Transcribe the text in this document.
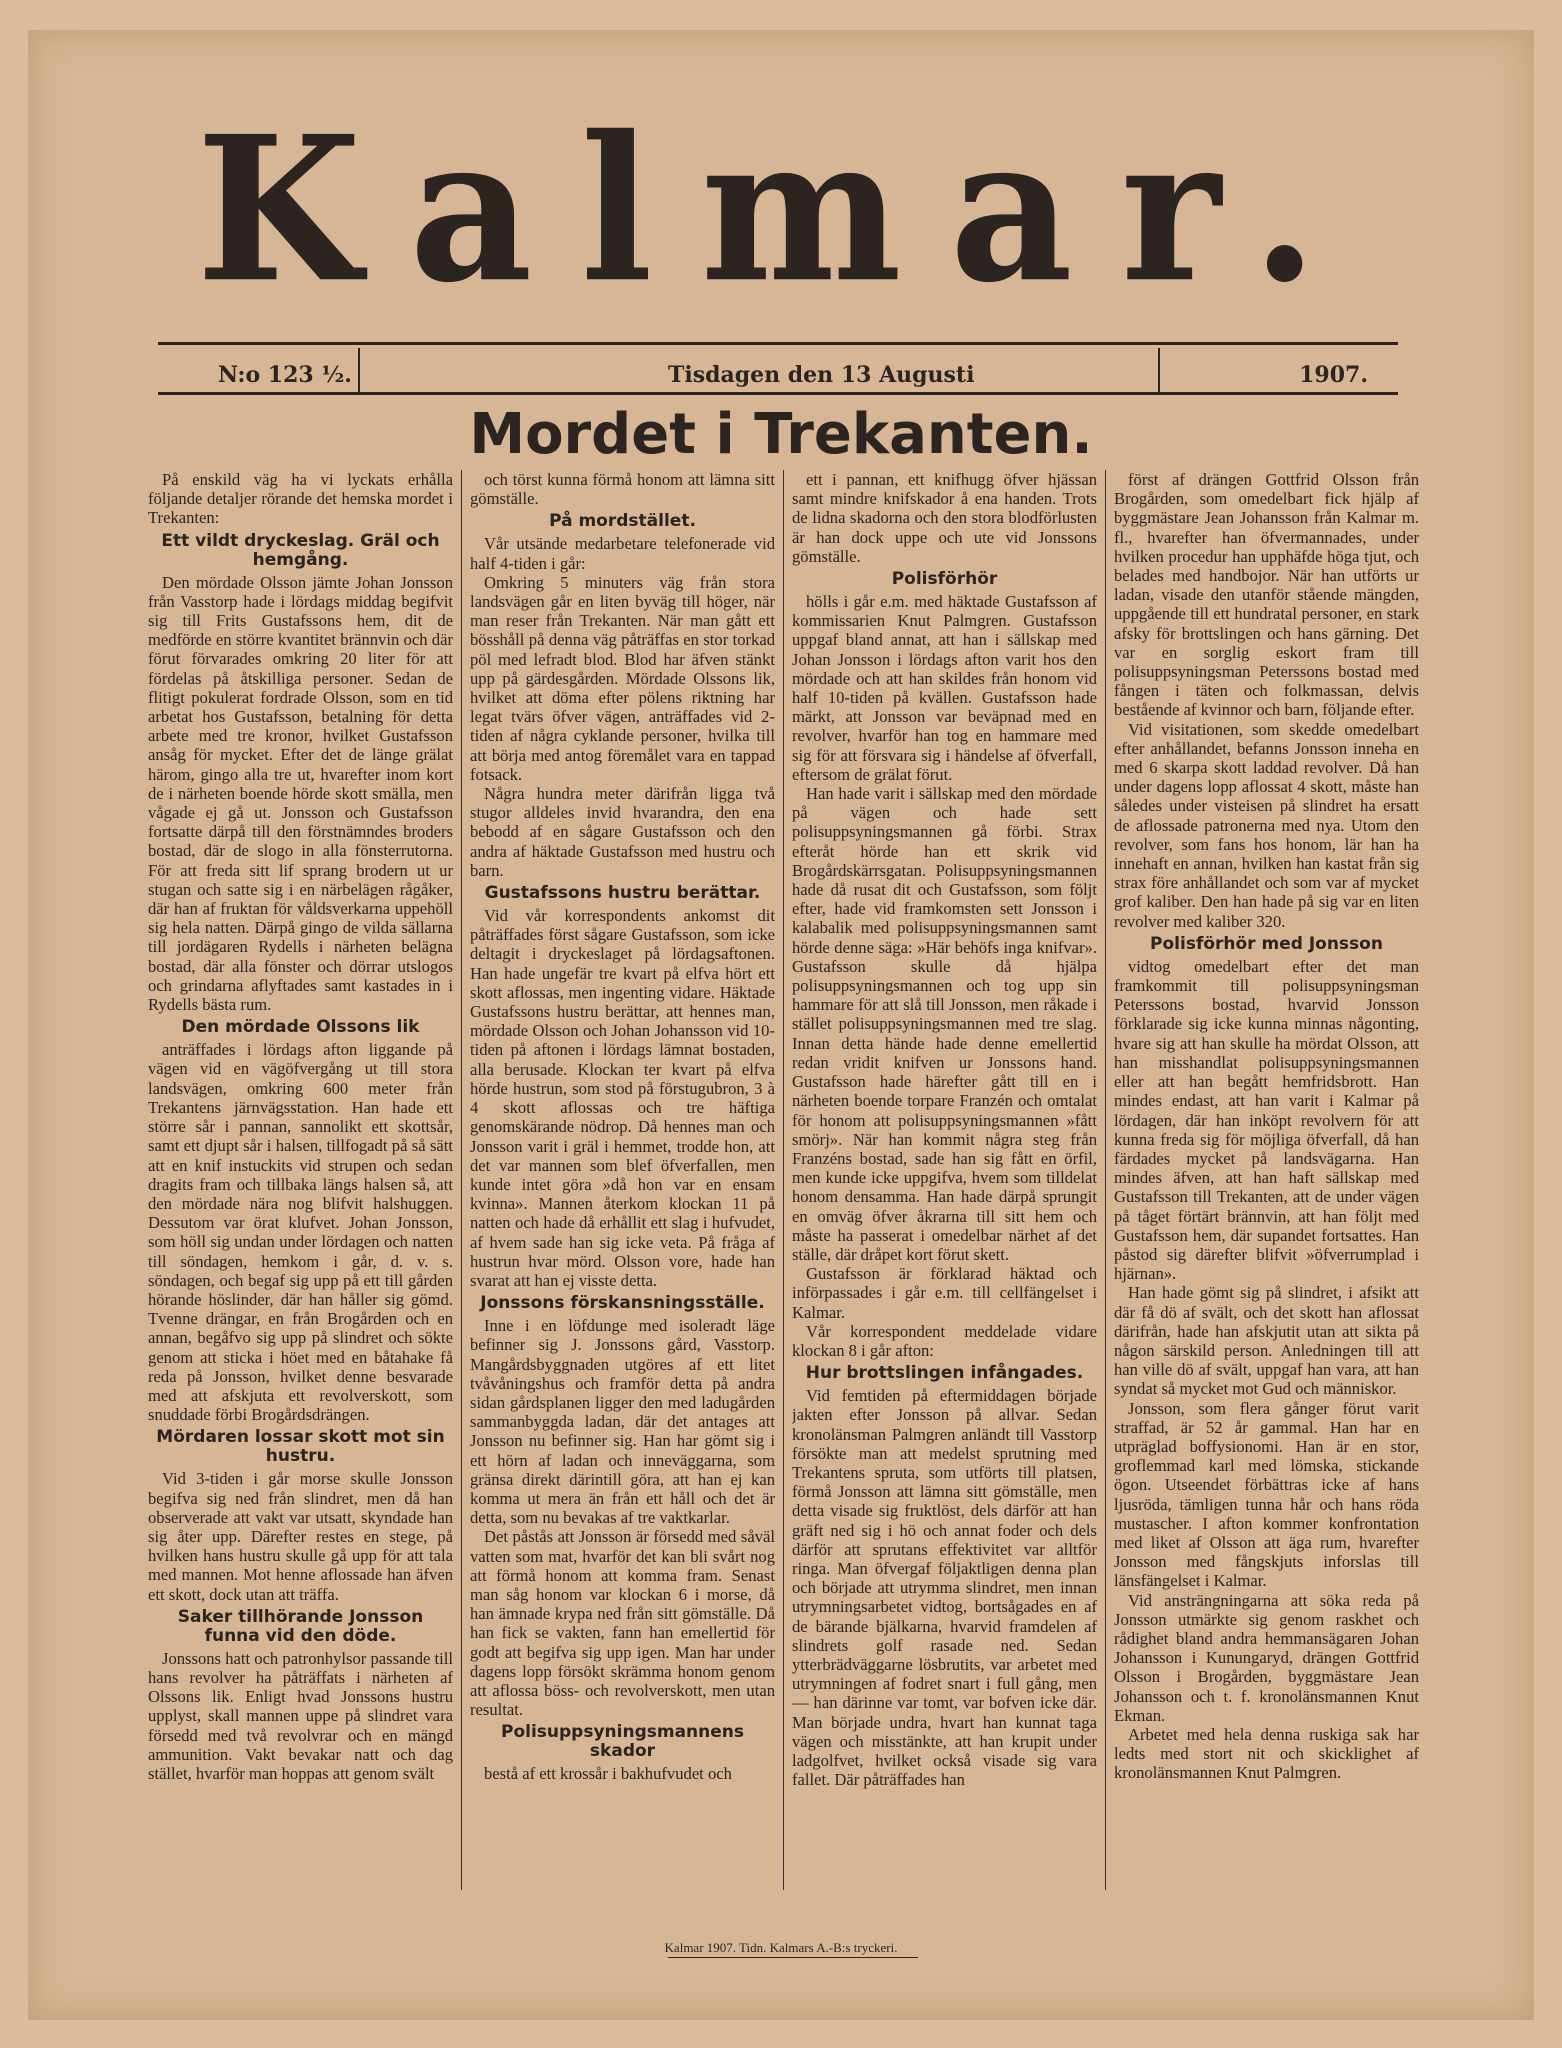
Kalmar.
N:o 123 ½.	Tisdagen den 13 Augusti	1907.
Mordet i Trekanten.

På enskild väg ha vi lyckats erhålla följande detaljer rörande det hemska mordet i Trekanten:

Ett vildt dryckeslag. Gräl och hemgång.

Den mördade Olsson jämte Johan Jonsson från Vasstorp hade i lördags middag begifvit sig till Frits Gustafssons hem, dit de medförde en större kvantitet brännvin och där förut förvarades omkring 20 liter för att fördelas på åtskilliga personer. Sedan de flitigt pokulerat fordrade Olsson, som en tid arbetat hos Gustafsson, betalning för detta arbete med tre kronor, hvilket Gustafsson ansåg för mycket. Efter det de länge grälat härom, gingo alla tre ut, hvarefter inom kort de i närheten boende hörde skott smälla, men vågade ej gå ut. Jonsson och Gustafsson fortsatte därpå till den förstnämndes broders bostad, där de slogo in alla fönsterrutorna. För att freda sitt lif sprang brodern ut ur stugan och satte sig i en närbelägen rågåker, där han af fruktan för våldsverkarna uppehöll sig hela natten. Därpå gingo de vilda sällarna till jordägaren Rydells i närheten belägna bostad, där alla fönster och dörrar utslogos och grindarna aflyftades samt kastades in i Rydells bästa rum.

Den mördade Olssons lik

anträffades i lördags afton liggande på vägen vid en vägöfvergång ut till stora landsvägen, omkring 600 meter från Trekantens järnvägsstation. Han hade ett större sår i pannan, sannolikt ett skottsår, samt ett djupt sår i halsen, tillfogadt på så sätt att en knif instuckits vid strupen och sedan dragits fram och tillbaka längs halsen så, att den mördade nära nog blifvit halshuggen. Dessutom var örat klufvet. Johan Jonsson, som höll sig undan under lördagen och natten till söndagen, hemkom i går, d. v. s. söndagen, och begaf sig upp på ett till gården hörande höslinder, där han håller sig gömd. Tvenne drängar, en från Brogården och en annan, begåfvo sig upp på slindret och sökte genom att sticka i höet med en båtahake få reda på Jonsson, hvilket denne besvarade med att afskjuta ett revolverskott, som snuddade förbi Brogårdsdrängen.

Mördaren lossar skott mot sin hustru.

Vid 3-tiden i går morse skulle Jonsson begifva sig ned från slindret, men då han observerade att vakt var utsatt, skyndade han sig åter upp. Därefter restes en stege, på hvilken hans hustru skulle gå upp för att tala med mannen. Mot henne aflossade han äfven ett skott, dock utan att träffa.

Saker tillhörande Jonsson funna vid den döde.

Jonssons hatt och patronhylsor passande till hans revolver ha påträffats i närheten af Olssons lik. Enligt hvad Jonssons hustru upplyst, skall mannen uppe på slindret vara försedd med två revolvrar och en mängd ammunition. Vakt bevakar natt och dag stället, hvarför man hoppas att genom svält

och törst kunna förmå honom att lämna sitt gömställe.

På mordstället.

Vår utsände medarbetare telefonerade vid half 4-tiden i går:

Omkring 5 minuters väg från stora landsvägen går en liten byväg till höger, när man reser från Trekanten. När man gått ett bösshåll på denna väg påträffas en stor torkad pöl med lefradt blod. Blod har äfven stänkt upp på gärdesgården. Mördade Olssons lik, hvilket att döma efter pölens riktning har legat tvärs öfver vägen, anträffades vid 2-tiden af några cyklande personer, hvilka till att börja med antog föremålet vara en tappad fotsack.

Några hundra meter därifrån ligga två stugor alldeles invid hvarandra, den ena bebodd af en sågare Gustafsson och den andra af häktade Gustafsson med hustru och barn.

Gustafssons hustru berättar.

Vid vår korrespondents ankomst dit påträffades först sågare Gustafsson, som icke deltagit i dryckeslaget på lördagsaftonen. Han hade ungefär tre kvart på elfva hört ett skott aflossas, men ingenting vidare. Häktade Gustafssons hustru berättar, att hennes man, mördade Olsson och Johan Johansson vid 10-tiden på aftonen i lördags lämnat bostaden, alla berusade. Klockan ter kvart på elfva hörde hustrun, som stod på förstugubron, 3 à 4 skott aflossas och tre häftiga genomskärande nödrop. Då hennes man och Jonsson varit i gräl i hemmet, trodde hon, att det var mannen som blef öfverfallen, men kunde intet göra »då hon var en ensam kvinna». Mannen återkom klockan 11 på natten och hade då erhållit ett slag i hufvudet, af hvem sade han sig icke veta. På fråga af hustrun hvar mörd. Olsson vore, hade han svarat att han ej visste detta.

Jonssons förskansningsställe.

Inne i en löfdunge med isoleradt läge befinner sig J. Jonssons gård, Vasstorp. Mangårdsbyggnaden utgöres af ett litet tvåvåningshus och framför detta på andra sidan gårdsplanen ligger den med ladugården sammanbyggda ladan, där det antages att Jonsson nu befinner sig. Han har gömt sig i ett hörn af ladan och inneväggarna, som gränsa direkt därintill göra, att han ej kan komma ut mera än från ett håll och det är detta, som nu bevakas af tre vaktkarlar.

Det påstås att Jonsson är försedd med såväl vatten som mat, hvarför det kan bli svårt nog att förmå honom att komma fram. Senast man såg honom var klockan 6 i morse, då han ämnade krypa ned från sitt gömställe. Då han fick se vakten, fann han emellertid för godt att begifva sig upp igen. Man har under dagens lopp försökt skrämma honom genom att aflossa böss- och revolverskott, men utan resultat.

Polisuppsyningsmannens skador

bestå af ett krossår i bakhufvudet och

ett i pannan, ett knifhugg öfver hjässan samt mindre knifskador å ena handen. Trots de lidna skadorna och den stora blodförlusten är han dock uppe och ute vid Jonssons gömställe.

Polisförhör

hölls i går e.m. med häktade Gustafsson af kommissarien Knut Palmgren. Gustafsson uppgaf bland annat, att han i sällskap med Johan Jonsson i lördags afton varit hos den mördade och att han skildes från honom vid half 10-tiden på kvällen. Gustafsson hade märkt, att Jonsson var beväpnad med en revolver, hvarför han tog en hammare med sig för att försvara sig i händelse af öfverfall, eftersom de grälat förut.

Han hade varit i sällskap med den mördade på vägen och hade sett polisuppsyningsmannen gå förbi. Strax efteråt hörde han ett skrik vid Brogårdskärrsgatan. Polisuppsyningsmannen hade då rusat dit och Gustafsson, som följt efter, hade vid framkomsten sett Jonsson i kalabalik med polisuppsyningsmannen samt hörde denne säga: »Här behöfs inga knifvar». Gustafsson skulle då hjälpa polisuppsyningsmannen och tog upp sin hammare för att slå till Jonsson, men råkade i stället polisuppsyningsmannen med tre slag. Innan detta hände hade denne emellertid redan vridit knifven ur Jonssons hand. Gustafsson hade härefter gått till en i närheten boende torpare Franzén och omtalat för honom att polisuppsyningsmannen »fått smörj». När han kommit några steg från Franzéns bostad, sade han sig fått en örfil, men kunde icke uppgifva, hvem som tilldelat honom densamma. Han hade därpå sprungit en omväg öfver åkrarna till sitt hem och måste ha passerat i omedelbar närhet af det ställe, där dråpet kort förut skett.

Gustafsson är förklarad häktad och införpassades i går e.m. till cellfängelset i Kalmar.

Vår korrespondent meddelade vidare klockan 8 i går afton:

Hur brottslingen infångades.

Vid femtiden på eftermiddagen började jakten efter Jonsson på allvar. Sedan kronolänsman Palmgren anländt till Vasstorp försökte man att medelst sprutning med Trekantens spruta, som utförts till platsen, förmå Jonsson att lämna sitt gömställe, men detta visade sig fruktlöst, dels därför att han gräft ned sig i hö och annat foder och dels därför att sprutans effektivitet var alltför ringa. Man öfvergaf följaktligen denna plan och började att utrymma slindret, men innan utrymningsarbetet vidtog, bortsågades en af de bärande bjälkarna, hvarvid framdelen af slindrets golf rasade ned. Sedan ytterbrädväggarne lösbrutits, var arbetet med utrymningen af fodret snart i full gång, men — han därinne var tomt, var bofven icke där. Man började undra, hvart han kunnat taga vägen och misstänkte, att han krupit under ladgolfvet, hvilket också visade sig vara fallet. Där påträffades han

först af drängen Gottfrid Olsson från Brogården, som omedelbart fick hjälp af byggmästare Jean Johansson från Kalmar m. fl., hvarefter han öfvermannades, under hvilken procedur han upphäfde höga tjut, och belades med handbojor. När han utförts ur ladan, visade den utanför stående mängden, uppgående till ett hundratal personer, en stark afsky för brottslingen och hans gärning. Det var en sorglig eskort fram till polisuppsyningsman Peterssons bostad med fången i täten och folkmassan, delvis bestående af kvinnor och barn, följande efter.

Vid visitationen, som skedde omedelbart efter anhållandet, befanns Jonsson inneha en med 6 skarpa skott laddad revolver. Då han under dagens lopp aflossat 4 skott, måste han således under visteisen på slindret ha ersatt de aflossade patronerna med nya. Utom den revolver, som fans hos honom, lär han ha innehaft en annan, hvilken han kastat från sig strax före anhållandet och som var af mycket grof kaliber. Den han hade på sig var en liten revolver med kaliber 320.

Polisförhör med Jonsson

vidtog omedelbart efter det man framkommit till polisuppsyningsman Peterssons bostad, hvarvid Jonsson förklarade sig icke kunna minnas någonting, hvare sig att han skulle ha mördat Olsson, att han misshandlat polisuppsyningsmannen eller att han begått hemfridsbrott. Han mindes endast, att han varit i Kalmar på lördagen, där han inköpt revolvern för att kunna freda sig för möjliga öfverfall, då han färdades mycket på landsvägarna. Han mindes äfven, att han haft sällskap med Gustafsson till Trekanten, att de under vägen på tåget förtärt brännvin, att han följt med Gustafsson hem, där supandet fortsattes. Han påstod sig därefter blifvit »öfverrumplad i hjärnan».

Han hade gömt sig på slindret, i afsikt att där få dö af svält, och det skott han aflossat därifrån, hade han afskjutit utan att sikta på någon särskild person. Anledningen till att han ville dö af svält, uppgaf han vara, att han syndat så mycket mot Gud och människor.

Jonsson, som flera gånger förut varit straffad, är 52 år gammal. Han har en utpräglad boffysionomi. Han är en stor, groflemmad karl med lömska, stickande ögon. Utseendet förbättras icke af hans ljusröda, tämligen tunna hår och hans röda mustascher. I afton kommer konfrontation med liket af Olsson att äga rum, hvarefter Jonsson med fångskjuts inforslas till länsfängelset i Kalmar.

Vid ansträngningarna att söka reda på Jonsson utmärkte sig genom raskhet och rådighet bland andra hemmansägaren Johan Johansson i Kunungaryd, drängen Gottfrid Olsson i Brogården, byggmästare Jean Johansson och t. f. kronolänsmannen Knut Ekman.

Arbetet med hela denna ruskiga sak har ledts med stort nit och skicklighet af kronolänsmannen Knut Palmgren.

Kalmar 1907. Tidn. Kalmars A.-B:s tryckeri.
